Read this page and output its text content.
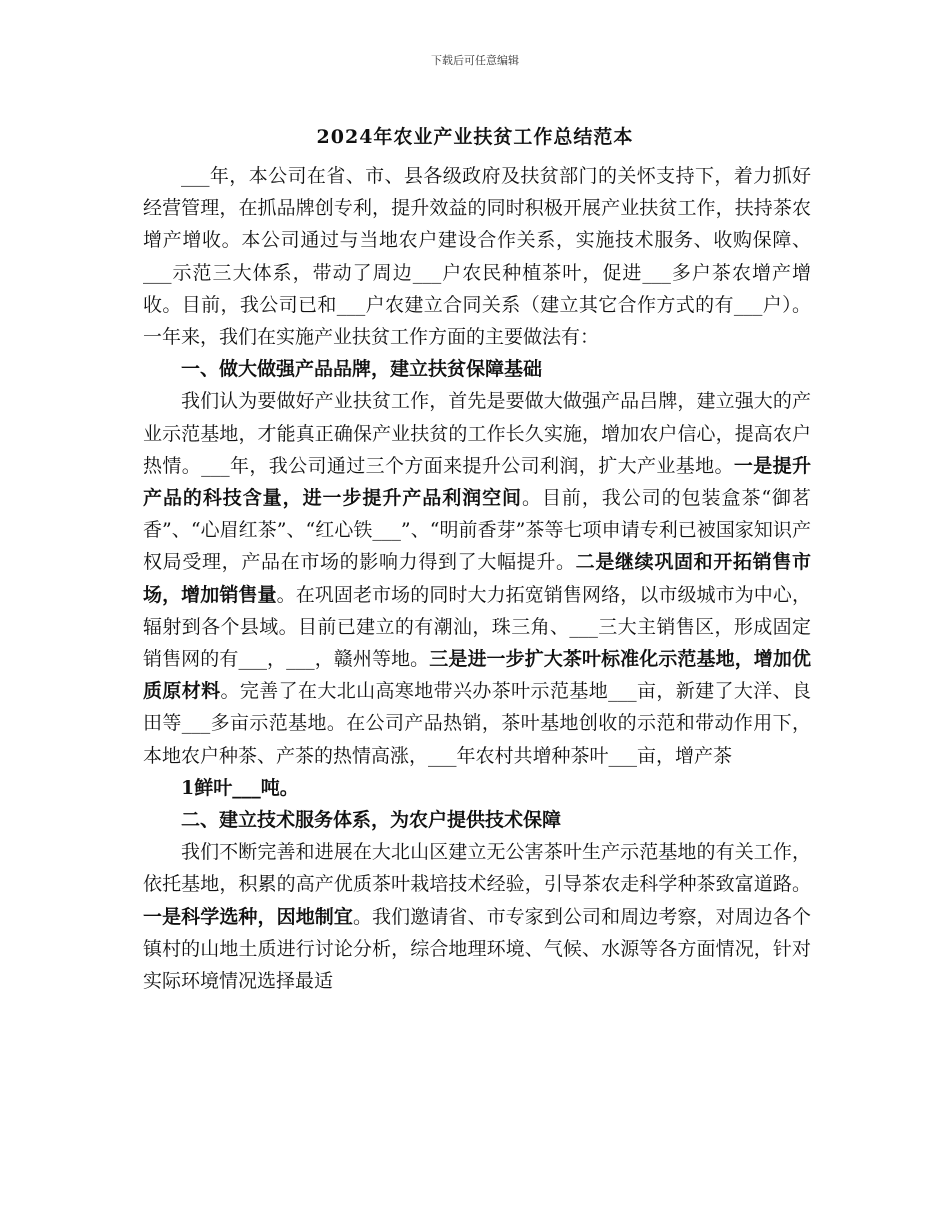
下载后可任意编辑
2024年农业产业扶贫工作总结范本

___年，本公司在省、市、县各级政府及扶贫部门的关怀支持下，着力抓好经营管理，在抓品牌创专利，提升效益的同时积极开展产业扶贫工作，扶持茶农增产增收。本公司通过与当地农户建设合作关系，实施技术服务、收购保障、___示范三大体系，带动了周边___户农民种植茶叶，促进___多户茶农增产增收。目前，我公司已和___户农建立合同关系（建立其它合作方式的有___户）。一年来，我们在实施产业扶贫工作方面的主要做法有：

一、做大做强产品品牌，建立扶贫保障基础

我们认为要做好产业扶贫工作，首先是要做大做强产品吕牌，建立强大的产业示范基地，才能真正确保产业扶贫的工作长久实施，增加农户信心，提高农户热情。___年，我公司通过三个方面来提升公司利润，扩大产业基地。一是提升产品的科技含量，进一步提升产品利润空间。目前，我公司的包装盒茶“御茗香”、“心眉红茶”、“红心铁___”、“明前香芽”茶等七项申请专利已被国家知识产权局受理，产品在市场的影响力得到了大幅提升。二是继续巩固和开拓销售市场，增加销售量。在巩固老市场的同时大力拓宽销售网络，以市级城市为中心，辐射到各个县域。目前已建立的有潮汕，珠三角、___三大主销售区，形成固定销售网的有___，___，赣州等地。三是进一步扩大茶叶标准化示范基地，增加优质原材料。完善了在大北山高寒地带兴办茶叶示范基地___亩，新建了大洋、良田等___多亩示范基地。在公司产品热销，茶叶基地创收的示范和带动作用下，本地农户种茶、产茶的热情高涨，___年农村共增种茶叶___亩，增产茶

1鲜叶___吨。

二、建立技术服务体系，为农户提供技术保障

我们不断完善和进展在大北山区建立无公害茶叶生产示范基地的有关工作，依托基地，积累的高产优质茶叶栽培技术经验，引导茶农走科学种茶致富道路。一是科学选种，因地制宜。我们邀请省、市专家到公司和周边考察，对周边各个镇村的山地土质进行讨论分析，综合地理环境、气候、水源等各方面情况，针对实际环境情况选择最适
